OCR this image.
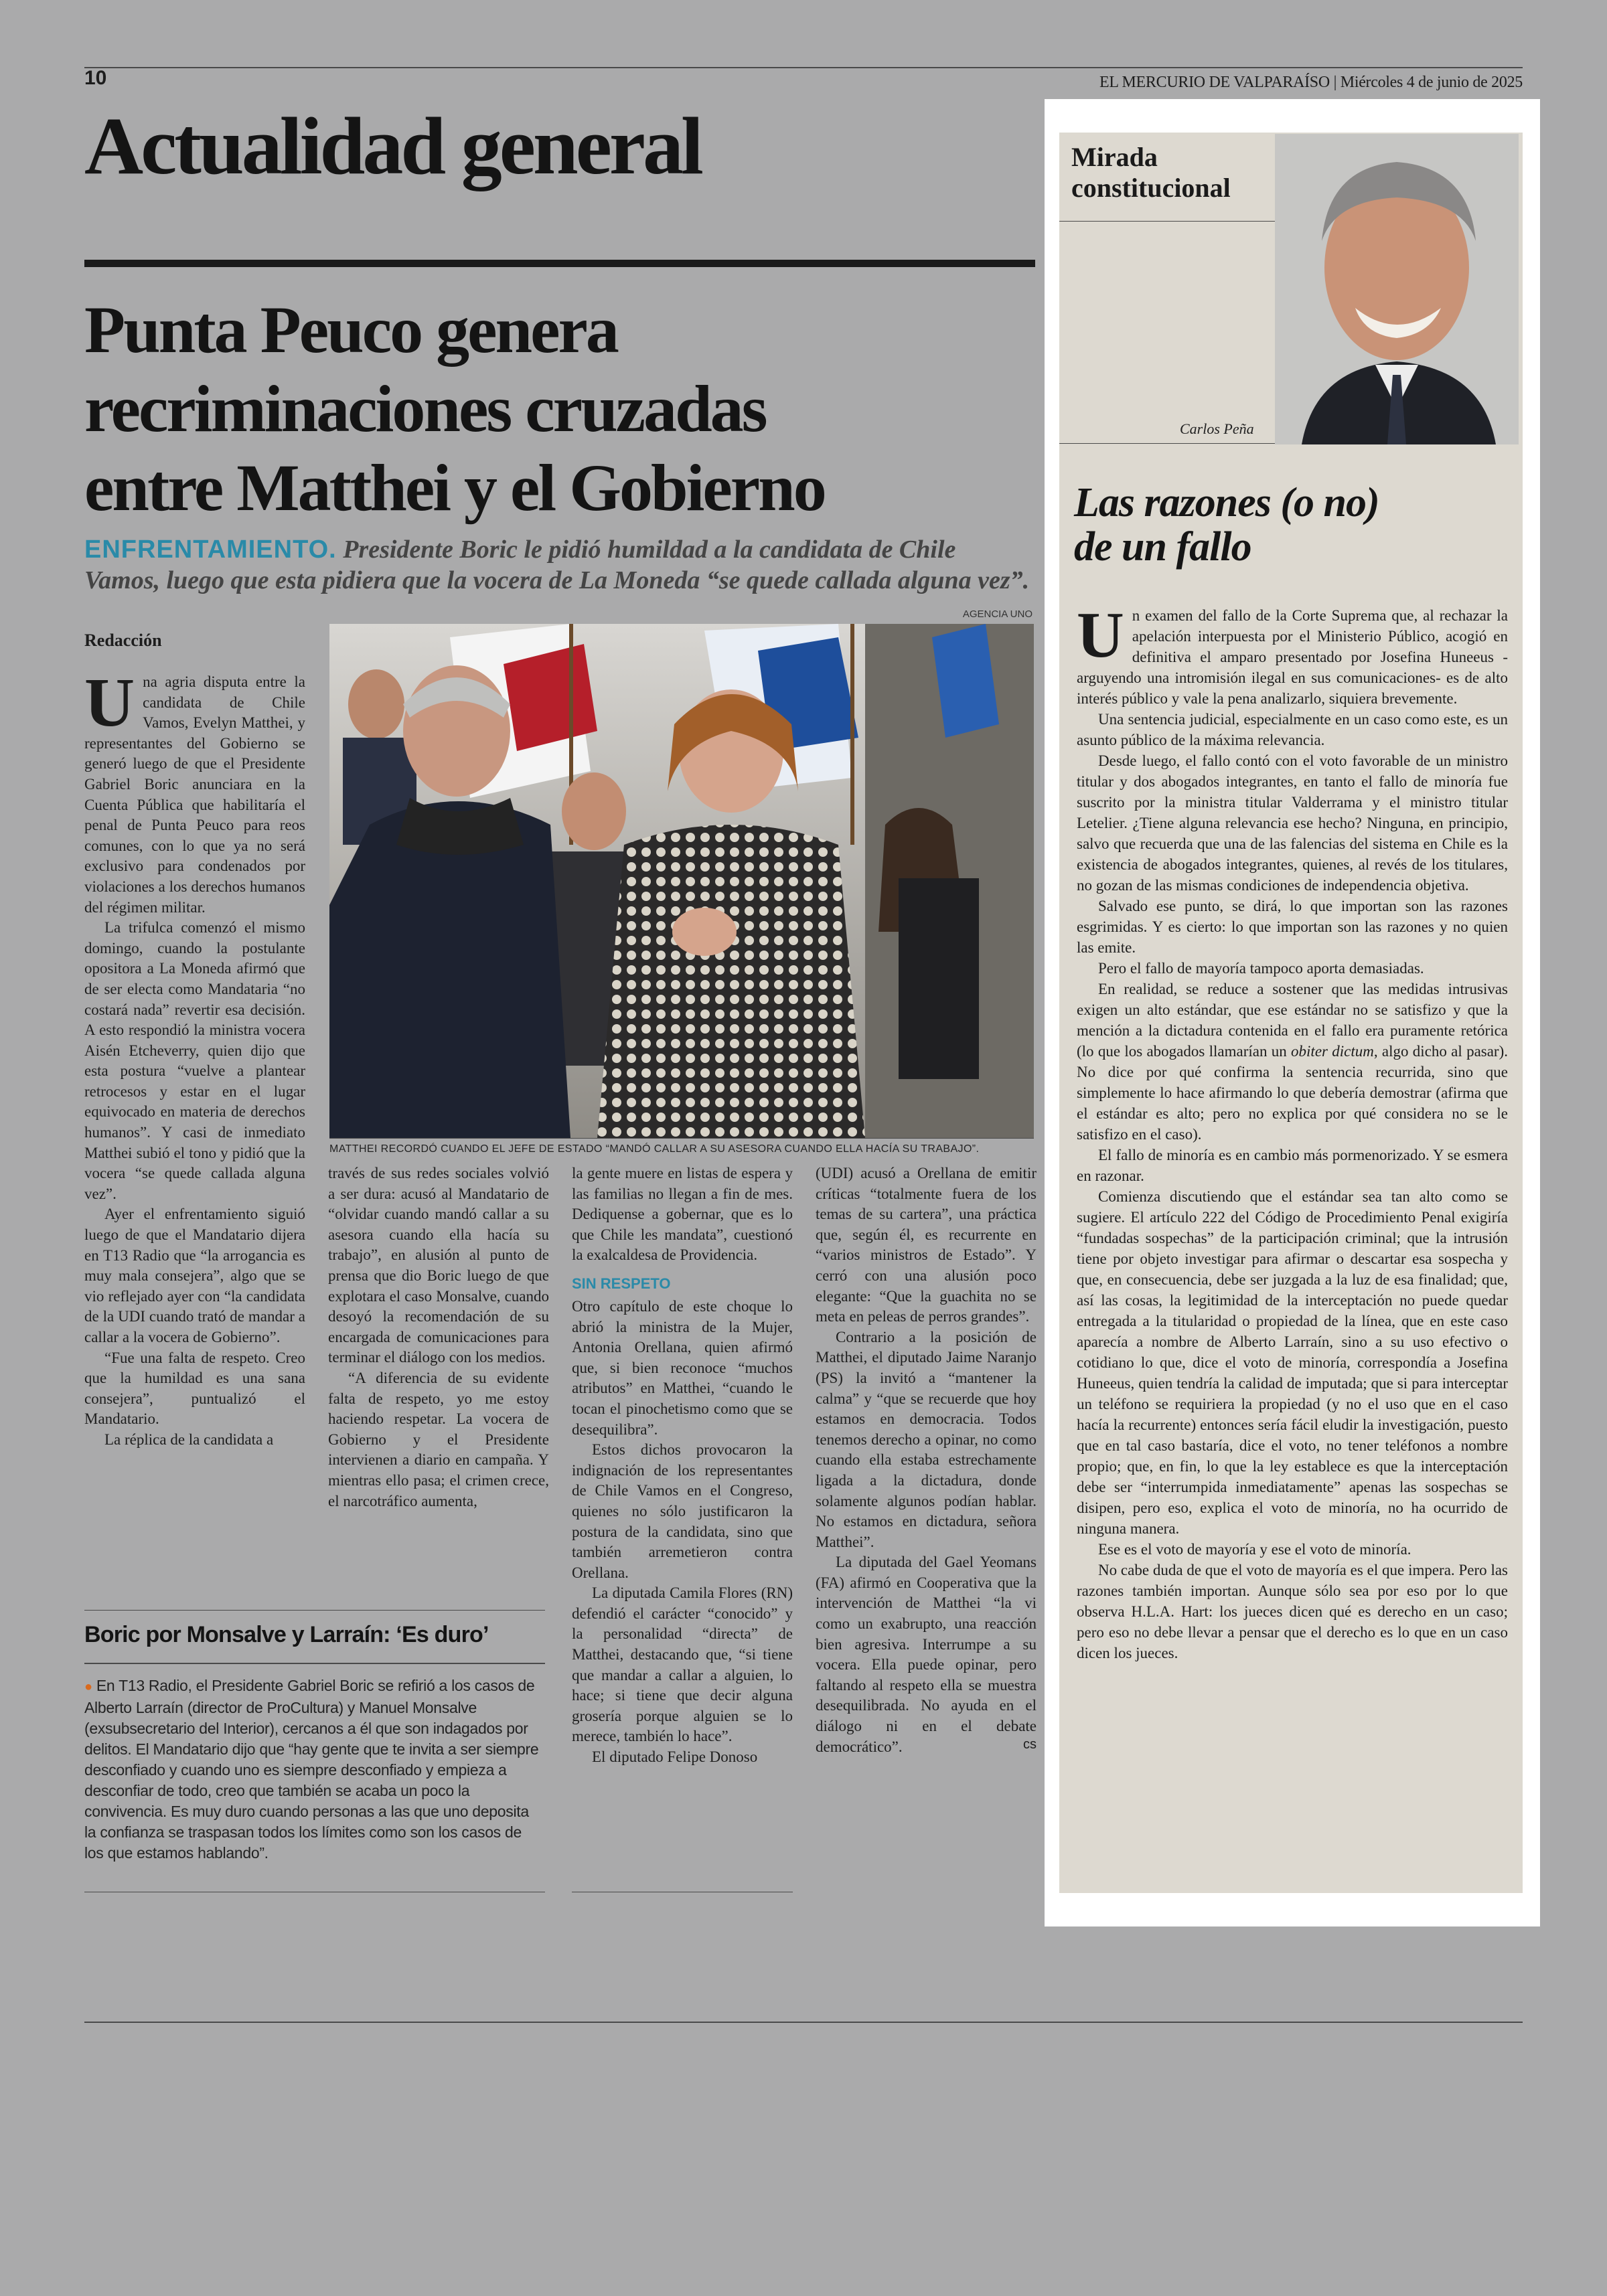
10	EL MERCURIO DE VALPARAÍSO | Miércoles 4 de junio de 2025
Actualidad general
Punta Peuco genera
recriminaciones cruzadas
entre Matthei y el Gobierno
ENFRENTAMIENTO. Presidente Boric le pidió humildad a la candidata de Chile Vamos, luego que esta pidiera que la vocera de La Moneda “se quede callada alguna vez”.
AGENCIA UNO
Redacción
MATTHEI RECORDÓ CUANDO EL JEFE DE ESTADO “MANDÓ CALLAR A SU ASESORA CUANDO ELLA HACÍA SU TRABAJO”.

Una agria disputa entre la candidata de Chile Vamos, Evelyn Matthei, y representantes del Gobierno se generó luego de que el Presidente Gabriel Boric anunciara en la Cuenta Pública que habilitaría el penal de Punta Peuco para reos comunes, con lo que ya no será exclusivo para condenados por violaciones a los derechos humanos del régimen militar.

La trifulca comenzó el mismo domingo, cuando la postulante opositora a La Moneda afirmó que de ser electa como Mandataria “no costará nada” revertir esa decisión. A esto respondió la ministra vocera Aisén Etcheverry, quien dijo que esta postura “vuelve a plantear retrocesos y estar en el lugar equivocado en materia de derechos humanos”. Y casi de inmediato Matthei subió el tono y pidió que la vocera “se quede callada alguna vez”.

Ayer el enfrentamiento siguió luego de que el Mandatario dijera en T13 Radio que “la arrogancia es muy mala consejera”, algo que se vio reflejado ayer con “la candidata de la UDI cuando trató de mandar a callar a la vocera de Gobierno”.

“Fue una falta de respeto. Creo que la humildad es una sana consejera”, puntualizó el Mandatario.

La réplica de la candidata a

través de sus redes sociales volvió a ser dura: acusó al Mandatario de “olvidar cuando mandó callar a su asesora cuando ella hacía su trabajo”, en alusión al punto de prensa que dio Boric luego de que explotara el caso Monsalve, cuando desoyó la recomendación de su encargada de comunicaciones para terminar el diálogo con los medios.

“A diferencia de su evidente falta de respeto, yo me estoy haciendo respetar. La vocera de Gobierno y el Presidente intervienen a diario en campaña. Y mientras ello pasa; el crimen crece, el narcotráfico aumenta,

la gente muere en listas de espera y las familias no llegan a fin de mes. Dediquense a gobernar, que es lo que Chile les mandata”, cuestionó la exalcaldesa de Providencia.

SIN RESPETO

Otro capítulo de este choque lo abrió la ministra de la Mujer, Antonia Orellana, quien afirmó que, si bien reconoce “muchos atributos” en Matthei, “cuando le tocan el pinochetismo como que se desequilibra”.

Estos dichos provocaron la indignación de los representantes de Chile Vamos en el Congreso, quienes no sólo justificaron la postura de la candidata, sino que también arremetieron contra Orellana.

La diputada Camila Flores (RN) defendió el carácter “conocido” y la personalidad “directa” de Matthei, destacando que, “si tiene que mandar a callar a alguien, lo hace; si tiene que decir alguna grosería porque alguien se lo merece, también lo hace”.

El diputado Felipe Donoso

(UDI) acusó a Orellana de emitir críticas “totalmente fuera de los temas de su cartera”, una práctica que, según él, es recurrente en “varios ministros de Estado”. Y cerró con una alusión poco elegante: “Que la guachita no se meta en peleas de perros grandes”.

Contrario a la posición de Matthei, el diputado Jaime Naranjo (PS) la invitó a “mantener la calma” y “que se recuerde que hoy estamos en democracia. Todos tenemos derecho a opinar, no como cuando ella estaba estrechamente ligada a la dictadura, donde solamente algunos podían hablar. No estamos en dictadura, señora Matthei”.

La diputada del Gael Yeomans (FA) afirmó en Cooperativa que la intervención de Matthei “la vi como un exabrupto, una reacción bien agresiva. Interrumpe a su vocera. Ella puede opinar, pero faltando al respeto ella se muestra desequilibrada. No ayuda en el diálogo ni en el debate democrático”.	cs

Boric por Monsalve y Larraín: ‘Es duro’
● En T13 Radio, el Presidente Gabriel Boric se refirió a los casos de Alberto Larraín (director de ProCultura) y Manuel Monsalve (exsubsecretario del Interior), cercanos a él que son indagados por delitos. El Mandatario dijo que “hay gente que te invita a ser siempre desconfiado y cuando uno es siempre desconfiado y empieza a desconfiar de todo, creo que también se acaba un poco la convivencia. Es muy duro cuando personas a las que uno deposita la confianza se traspasan todos los límites como son los casos de los que estamos hablando”.
Mirada
constitucional
Carlos Peña
Las razones (o no)
de un fallo

Un examen del fallo de la Corte Suprema que, al rechazar la apelación interpuesta por el Ministerio Público, acogió en definitiva el amparo presentado por Josefina Huneeus -arguyendo una intromisión ilegal en sus comunicaciones- es de alto interés público y vale la pena analizarlo, siquiera brevemente.

Una sentencia judicial, especialmente en un caso como este, es un asunto público de la máxima relevancia.

Desde luego, el fallo contó con el voto favorable de un ministro titular y dos abogados integrantes, en tanto el fallo de minoría fue suscrito por la ministra titular Valderrama y el ministro titular Letelier. ¿Tiene alguna relevancia ese hecho? Ninguna, en principio, salvo que recuerda que una de las falencias del sistema en Chile es la existencia de abogados integrantes, quienes, al revés de los titulares, no gozan de las mismas condiciones de independencia objetiva.

Salvado ese punto, se dirá, lo que importan son las razones esgrimidas. Y es cierto: lo que importan son las razones y no quien las emite.

Pero el fallo de mayoría tampoco aporta demasiadas.

En realidad, se reduce a sostener que las medidas intrusivas exigen un alto estándar, que ese estándar no se satisfizo y que la mención a la dictadura contenida en el fallo era puramente retórica (lo que los abogados llamarían un obiter dictum, algo dicho al pasar). No dice por qué confirma la sentencia recurrida, sino que simplemente lo hace afirmando lo que debería demostrar (afirma que el estándar es alto; pero no explica por qué considera no se le satisfizo en el caso).

El fallo de minoría es en cambio más pormenorizado. Y se esmera en razonar.

Comienza discutiendo que el estándar sea tan alto como se sugiere. El artículo 222 del Código de Procedimiento Penal exigiría “fundadas sospechas” de la participación criminal; que la intrusión tiene por objeto investigar para afirmar o descartar esa sospecha y que, en consecuencia, debe ser juzgada a la luz de esa finalidad; que, así las cosas, la legitimidad de la interceptación no puede quedar entregada a la titularidad o propiedad de la línea, que en este caso aparecía a nombre de Alberto Larraín, sino a su uso efectivo o cotidiano lo que, dice el voto de minoría, correspondía a Josefina Huneeus, quien tendría la calidad de imputada; que si para interceptar un teléfono se requiriera la propiedad (y no el uso que en el caso hacía la recurrente) entonces sería fácil eludir la investigación, puesto que en tal caso bastaría, dice el voto, no tener teléfonos a nombre propio; que, en fin, lo que la ley establece es que la interceptación debe ser “interrumpida inmediatamente” apenas las sospechas se disipen, pero eso, explica el voto de minoría, no ha ocurrido de ninguna manera.

Ese es el voto de mayoría y ese el voto de minoría.

No cabe duda de que el voto de mayoría es el que impera. Pero las razones también importan. Aunque sólo sea por eso por lo que observa H.L.A. Hart: los jueces dicen qué es derecho en un caso; pero eso no debe llevar a pensar que el derecho es lo que en un caso dicen los jueces.
